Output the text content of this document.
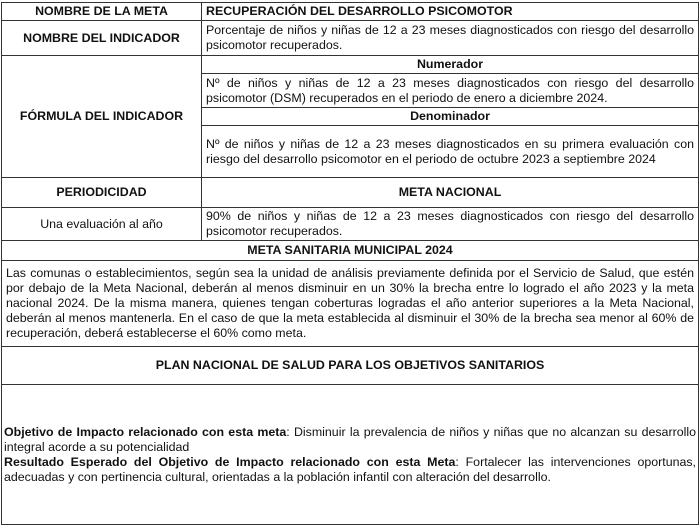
NOMBRE DE LA META	RECUPERACIÓN DEL DESARROLLO PSICOMOTOR
NOMBRE DEL INDICADOR	Porcentaje de niños y niñas de 12 a 23 meses diagnosticados con riesgo del desarrollo psicomotor recuperados.
FÓRMULA DEL INDICADOR	Numerador
	Nº de niños y niñas de 12 a 23 meses diagnosticados con riesgo del desarrollo psicomotor (DSM) recuperados en el periodo de enero a diciembre 2024.
	Denominador
	Nº de niños y niñas de 12 a 23 meses diagnosticados en su primera evaluación con riesgo del desarrollo psicomotor en el periodo de octubre 2023 a septiembre 2024
PERIODICIDAD	META NACIONAL
Una evaluación al año	90% de niños y niñas de 12 a 23 meses diagnosticados con riesgo del desarrollo psicomotor recuperados.
META SANITARIA MUNICIPAL 2024	
Las comunas o establecimientos, según sea la unidad de análisis previamente definida por el Servicio de Salud, que estén por debajo de la Meta Nacional, deberán al menos disminuir en un 30% la brecha entre lo logrado el año 2023 y la meta nacional 2024. De la misma manera, quienes tengan coberturas logradas el año anterior superiores a la Meta Nacional, deberán al menos mantenerla. En el caso de que la meta establecida al disminuir el 30% de la brecha sea menor al 60% de recuperación, deberá establecerse el 60% como meta.	
PLAN NACIONAL DE SALUD PARA LOS OBJETIVOS SANITARIOS	

Objetivo de Impacto relacionado con esta meta: Disminuir la prevalencia de niños y niñas que no alcanzan su desarrollo integral acorde a su potencialidad
Resultado Esperado del Objetivo de Impacto relacionado con esta Meta: Fortalecer las intervenciones oportunas, adecuadas y con pertinencia cultural, orientadas a la población infantil con alteración del desarrollo.	
